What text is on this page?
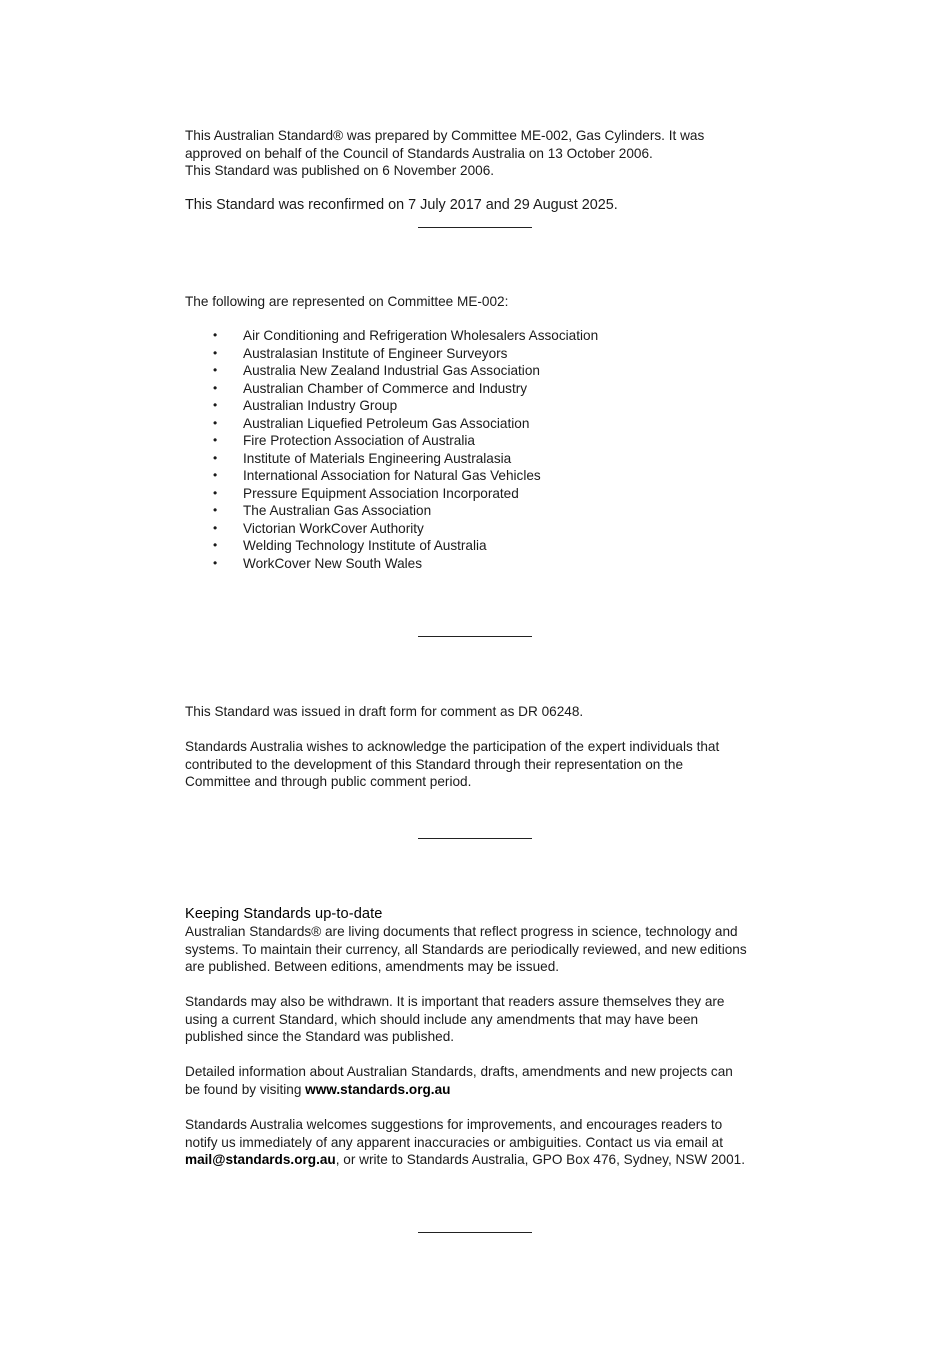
This Australian Standard® was prepared by Committee ME-002, Gas Cylinders. It was

approved on behalf of the Council of Standards Australia on 13 October 2006.

This Standard was published on 6 November 2006.

This Standard was reconfirmed on 7 July 2017 and 29 August 2025.

The following are represented on Committee ME-002:

• Air Conditioning and Refrigeration Wholesalers Association
• Australasian Institute of Engineer Surveyors
• Australia New Zealand Industrial Gas Association
• Australian Chamber of Commerce and Industry
• Australian Industry Group
• Australian Liquefied Petroleum Gas Association
• Fire Protection Association of Australia
• Institute of Materials Engineering Australasia
• International Association for Natural Gas Vehicles
• Pressure Equipment Association Incorporated
• The Australian Gas Association
• Victorian WorkCover Authority
• Welding Technology Institute of Australia
• WorkCover New South Wales

This Standard was issued in draft form for comment as DR 06248.

Standards Australia wishes to acknowledge the participation of the expert individuals that

contributed to the development of this Standard through their representation on the

Committee and through public comment period.

Keeping Standards up-to-date

Australian Standards® are living documents that reflect progress in science, technology and

systems. To maintain their currency, all Standards are periodically reviewed, and new editions

are published. Between editions, amendments may be issued.

Standards may also be withdrawn. It is important that readers assure themselves they are

using a current Standard, which should include any amendments that may have been

published since the Standard was published.

Detailed information about Australian Standards, drafts, amendments and new projects can

be found by visiting www.standards.org.au

Standards Australia welcomes suggestions for improvements, and encourages readers to

notify us immediately of any apparent inaccuracies or ambiguities. Contact us via email at

mail@standards.org.au, or write to Standards Australia, GPO Box 476, Sydney, NSW 2001.
